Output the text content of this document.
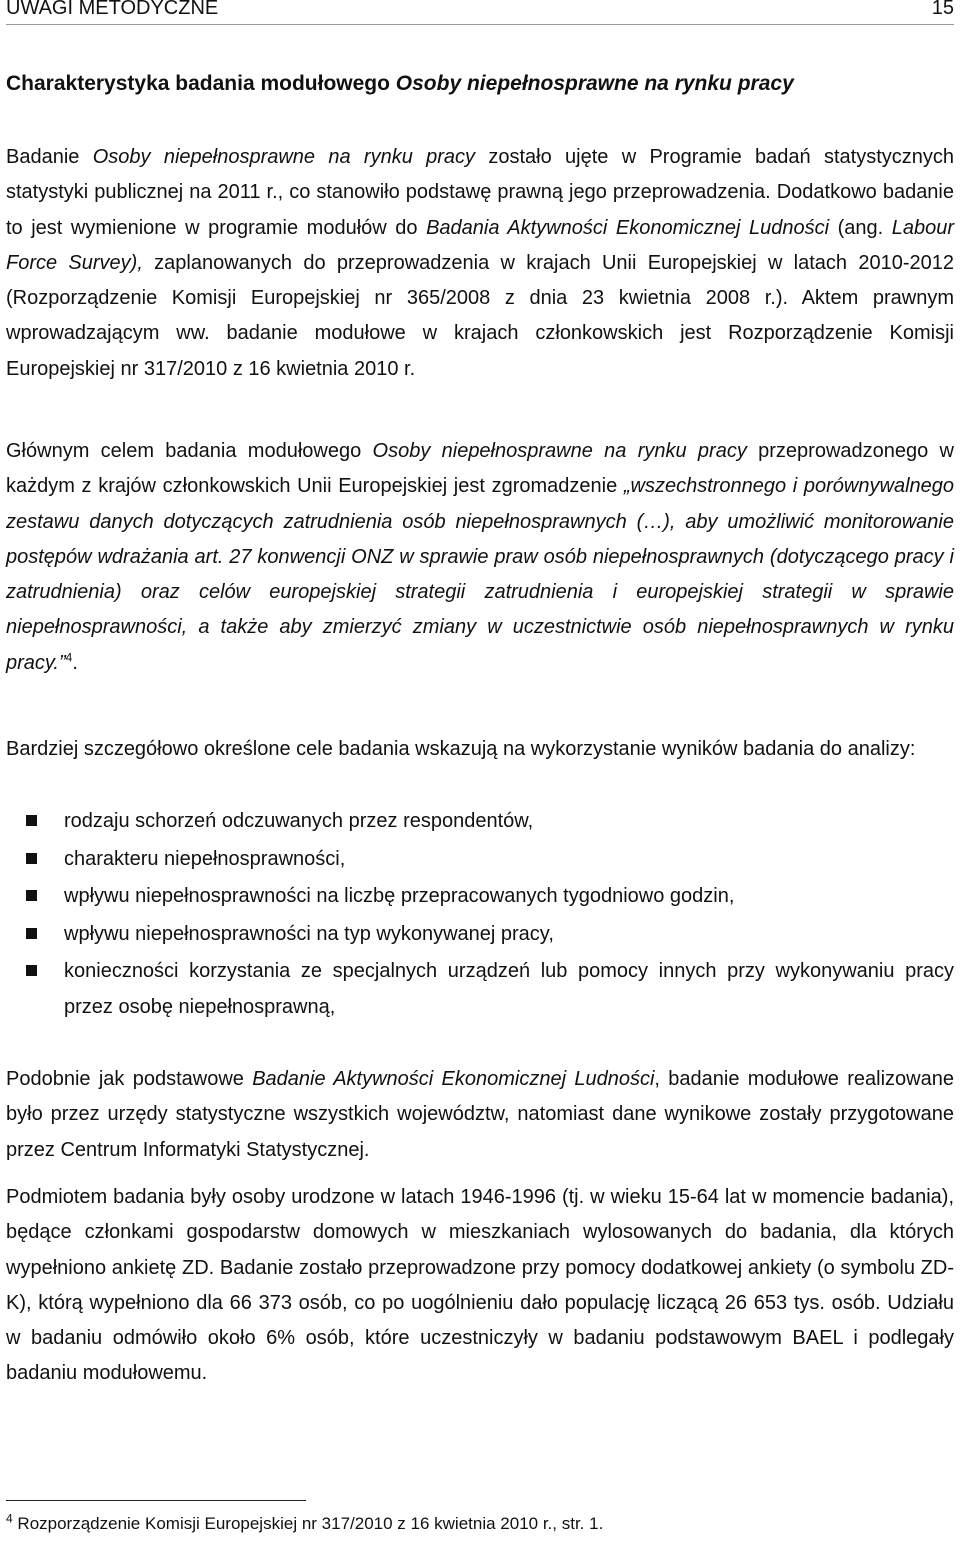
UWAGI METODYCZNE	15
Charakterystyka badania modułowego Osoby niepełnosprawne na rynku pracy

Badanie Osoby niepełnosprawne na rynku pracy zostało ujęte w Programie badań statystycznych statystyki publicznej na 2011 r., co stanowiło podstawę prawną jego przeprowadzenia. Dodatkowo badanie to jest wymienione w programie modułów do Badania Aktywności Ekonomicznej Ludności (ang. Labour Force Survey), zaplanowanych do przeprowadzenia w krajach Unii Europejskiej w latach 2010-2012 (Rozporządzenie Komisji Europejskiej nr 365/2008 z dnia 23 kwietnia 2008 r.). Aktem prawnym wprowadzającym ww. badanie modułowe w krajach członkowskich jest Rozporządzenie Komisji Europejskiej nr 317/2010 z 16 kwietnia 2010 r.

Głównym celem badania modułowego Osoby niepełnosprawne na rynku pracy przeprowadzonego w każdym z krajów członkowskich Unii Europejskiej jest zgromadzenie „wszechstronnego i porównywalnego zestawu danych dotyczących zatrudnienia osób niepełnosprawnych (…), aby umożliwić monitorowanie postępów wdrażania art. 27 konwencji ONZ w sprawie praw osób niepełnosprawnych (dotyczącego pracy i zatrudnienia) oraz celów europejskiej strategii zatrudnienia i europejskiej strategii w sprawie niepełnosprawności, a także aby zmierzyć zmiany w uczestnictwie osób niepełnosprawnych w rynku pracy.”$^4$.

Bardziej szczegółowo określone cele badania wskazują na wykorzystanie wyników badania do analizy:

rodzaju schorzeń odczuwanych przez respondentów,
charakteru niepełnosprawności,
wpływu niepełnosprawności na liczbę przepracowanych tygodniowo godzin,
wpływu niepełnosprawności na typ wykonywanej pracy,
konieczności korzystania ze specjalnych urządzeń lub pomocy innych przy wykonywaniu pracy przez osobę niepełnosprawną,

Podobnie jak podstawowe Badanie Aktywności Ekonomicznej Ludności, badanie modułowe realizowane było przez urzędy statystyczne wszystkich województw, natomiast dane wynikowe zostały przygotowane przez Centrum Informatyki Statystycznej.

Podmiotem badania były osoby urodzone w latach 1946-1996 (tj. w wieku 15-64 lat w momencie badania), będące członkami gospodarstw domowych w mieszkaniach wylosowanych do badania, dla których wypełniono ankietę ZD. Badanie zostało przeprowadzone przy pomocy dodatkowej ankiety (o symbolu ZD-K), którą wypełniono dla 66 373 osób, co po uogólnieniu dało populację liczącą 26 653 tys. osób. Udziału w badaniu odmówiło około 6% osób, które uczestniczyły w badaniu podstawowym BAEL i podlegały badaniu modułowemu.

$^4$ Rozporządzenie Komisji Europejskiej nr 317/2010 z 16 kwietnia 2010 r., str. 1.
